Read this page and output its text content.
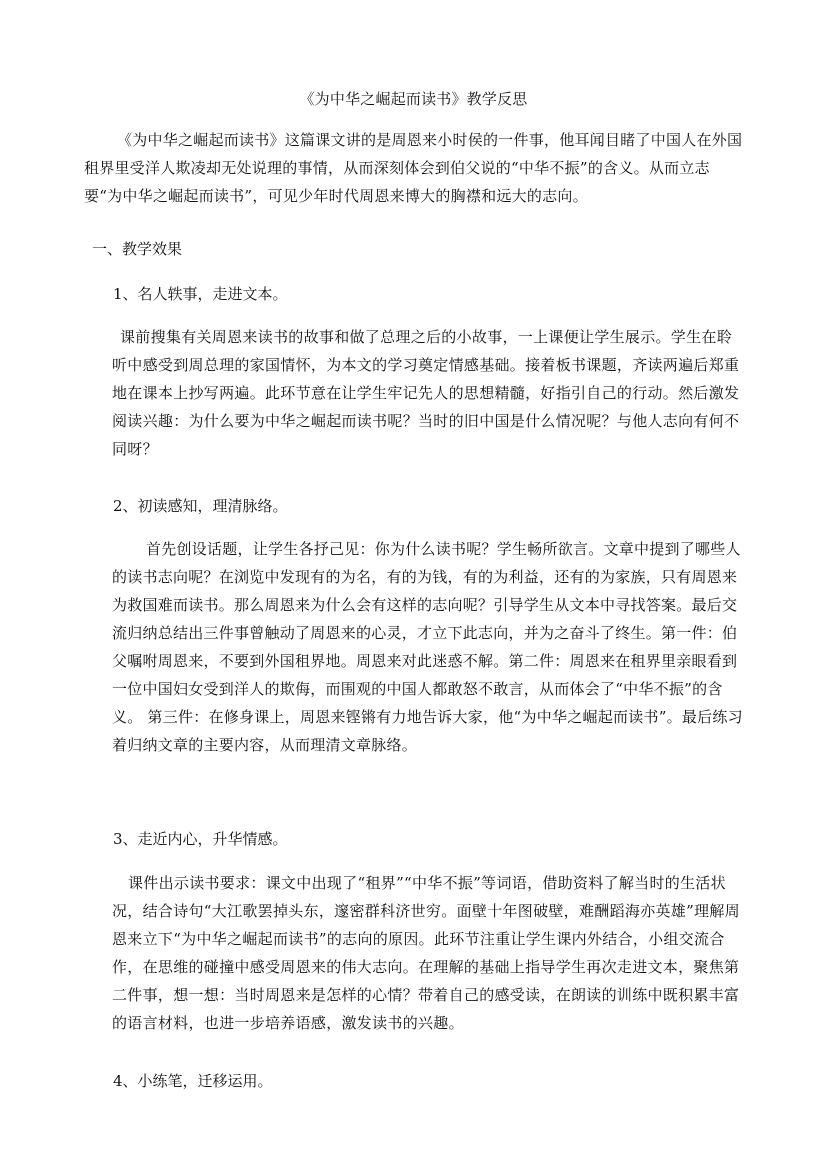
《为中华之崛起而读书》教学反思

《为中华之崛起而读书》这篇课文讲的是周恩来小时侯的一件事，他耳闻目睹了中国人在外国租界里受洋人欺凌却无处说理的事情，从而深刻体会到伯父说的“中华不振”的含义。从而立志要“为中华之崛起而读书”，可见少年时代周恩来博大的胸襟和远大的志向。

一、教学效果
1、名人轶事，走进文本。

课前搜集有关周恩来读书的故事和做了总理之后的小故事，一上课便让学生展示。学生在聆听中感受到周总理的家国情怀，为本文的学习奠定情感基础。接着板书课题，齐读两遍后郑重地在课本上抄写两遍。此环节意在让学生牢记先人的思想精髓，好指引自己的行动。然后激发阅读兴趣：为什么要为中华之崛起而读书呢？当时的旧中国是什么情况呢？与他人志向有何不同呀？

2、初读感知，理清脉络。

首先创设话题，让学生各抒己见：你为什么读书呢？学生畅所欲言。文章中提到了哪些人的读书志向呢？在浏览中发现有的为名，有的为钱，有的为利益，还有的为家族，只有周恩来为救国难而读书。那么周恩来为什么会有这样的志向呢？引导学生从文本中寻找答案。最后交流归纳总结出三件事曾触动了周恩来的心灵，才立下此志向，并为之奋斗了终生。第一件：伯父嘱咐周恩来，不要到外国租界地。周恩来对此迷惑不解。第二件：周恩来在租界里亲眼看到一位中国妇女受到洋人的欺侮，而围观的中国人都敢怒不敢言，从而体会了“中华不振”的含义。 第三件：在修身课上，周恩来铿锵有力地告诉大家，他“为中华之崛起而读书”。最后练习着归纳文章的主要内容，从而理清文章脉络。

3、走近内心，升华情感。

课件出示读书要求：课文中出现了“租界”“中华不振”等词语，借助资料了解当时的生活状况，结合诗句“大江歌罢掉头东，邃密群科济世穷。面壁十年图破壁，难酬蹈海亦英雄”理解周恩来立下“为中华之崛起而读书”的志向的原因。此环节注重让学生课内外结合，小组交流合作，在思维的碰撞中感受周恩来的伟大志向。在理解的基础上指导学生再次走进文本，聚焦第二件事，想一想：当时周恩来是怎样的心情？带着自己的感受读，在朗读的训练中既积累丰富的语言材料，也进一步培养语感，激发读书的兴趣。

4、小练笔，迁移运用。
